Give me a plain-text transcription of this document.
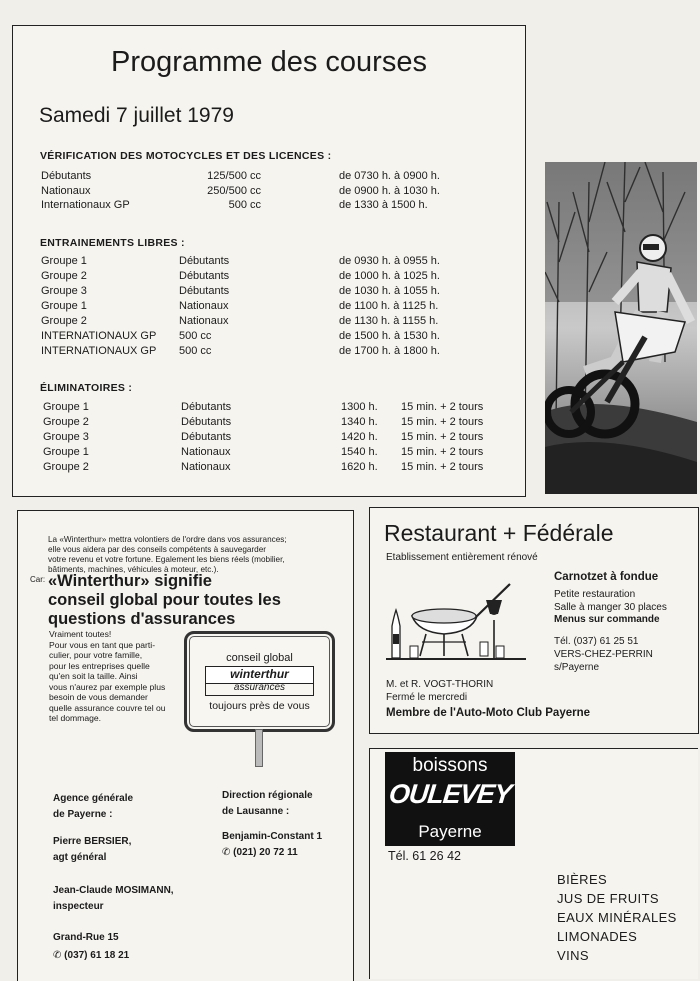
Programme des courses
Samedi 7 juillet 1979
VÉRIFICATION DES MOTOCYCLES ET DES LICENCES :
Débutants	125/500 cc	de 0730 h. à 0900 h.
Nationaux	250/500 cc	de 0900 h. à 1030 h.
Internationaux GP	500 cc	de 1330 à 1500 h.
ENTRAINEMENTS LIBRES :
Groupe 1	Débutants	de 0930 h. à 0955 h.
Groupe 2	Débutants	de 1000 h. à 1025 h.
Groupe 3	Débutants	de 1030 h. à 1055 h.
Groupe 1	Nationaux	de 1100 h. à 1125 h.
Groupe 2	Nationaux	de 1130 h. à 1155 h.
INTERNATIONAUX GP 500 cc	de 1500 h. à 1530 h.
INTERNATIONAUX GP 500 cc	de 1700 h. à 1800 h.
ÉLIMINATOIRES :
Groupe 1	Débutants	1300 h. 15 min. + 2 tours
Groupe 2	Débutants	1340 h. 15 min. + 2 tours
Groupe 3	Débutants	1420 h. 15 min. + 2 tours
Groupe 1	Nationaux	1540 h. 15 min. + 2 tours
Groupe 2	Nationaux	1620 h. 15 min. + 2 tours
La «Winterthur» mettra volontiers de l'ordre dans vos assurances;
elle vous aidera par des conseils compétents à sauvegarder
votre revenu et votre fortune. Egalement les biens réels (mobilier,
bâtiments, machines, véhicules à moteur, etc.).
Car: «Winterthur» signifie
conseil global pour toutes les
questions d'assurances
Vraiment toutes!
Pour vous en tant que parti-
culier, pour votre famille,
pour les entreprises quelle
qu'en soit la taille. Ainsi
vous n'aurez par exemple plus
besoin de vous demander
quelle assurance couvre tel ou
tel dommage.
conseil global
winterthur
assurances
toujours près de vous
Agence générale
de Payerne :
Direction régionale
de Lausanne :
Pierre BERSIER,
agt général
Benjamin-Constant 1
✆ (021) 20 72 11
Jean-Claude MOSIMANN,
inspecteur
Grand-Rue 15
✆ (037) 61 18 21
Restaurant + Fédérale
Etablissement entièrement rénové
Carnotzet à fondue
Petite restauration
Salle à manger 30 places
Menus sur commande
Tél. (037) 61 25 51
VERS-CHEZ-PERRIN
s/Payerne
M. et R. VOGT-THORIN
Fermé le mercredi
Membre de l'Auto-Moto Club Payerne
boissons
OULEVEY
Payerne
Tél. 61 26 42
BIÈRES
JUS DE FRUITS
EAUX MINÉRALES
LIMONADES
VINS
